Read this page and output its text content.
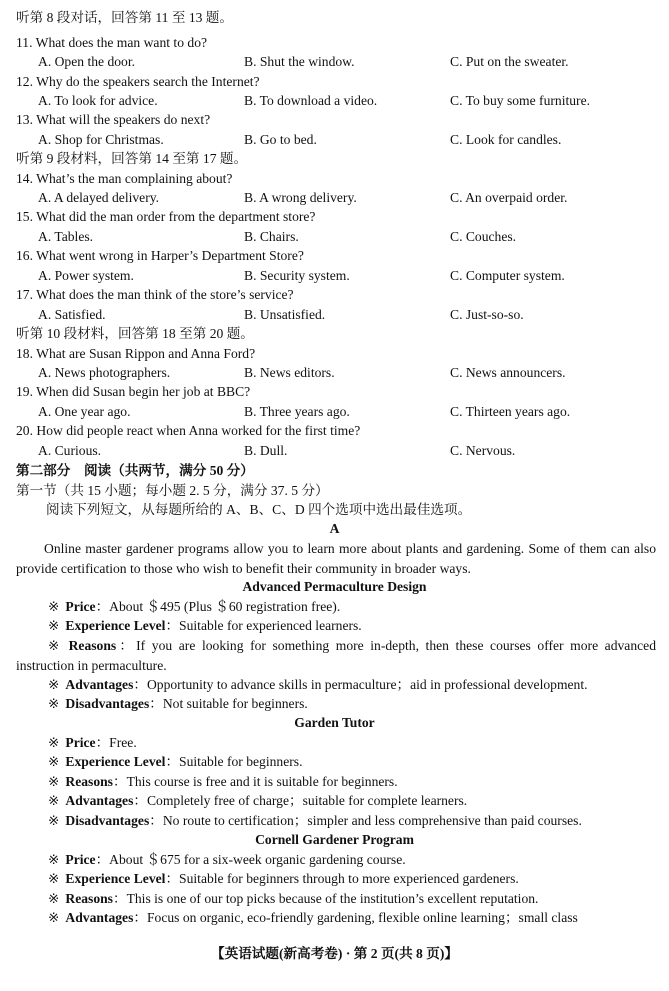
听第 8 段对话，回答第 11 至 13 题。
11. What does the man want to do?
A. Open the door.	B. Shut the window.	C. Put on the sweater.
12. Why do the speakers search the Internet?
A. To look for advice.	B. To download a video.	C. To buy some furniture.
13. What will the speakers do next?
A. Shop for Christmas.	B. Go to bed.	C. Look for candles.
听第 9 段材料，回答第 14 至第 17 题。
14. What’s the man complaining about?
A. A delayed delivery.	B. A wrong delivery.	C. An overpaid order.
15. What did the man order from the department store?
A. Tables.	B. Chairs.	C. Couches.
16. What went wrong in Harper’s Department Store?
A. Power system.	B. Security system.	C. Computer system.
17. What does the man think of the store’s service?
A. Satisfied.	B. Unsatisfied.	C. Just-so-so.
听第 10 段材料，回答第 18 至第 20 题。
18. What are Susan Rippon and Anna Ford?
A. News photographers.	B. News editors.	C. News announcers.
19. When did Susan begin her job at BBC?
A. One year ago.	B. Three years ago.	C. Thirteen years ago.
20. How did people react when Anna worked for the first time?
A. Curious.	B. Dull.	C. Nervous.
第二部分　阅读（共两节，满分 50 分）
第一节（共 15 小题；每小题 2. 5 分，满分 37. 5 分）
阅读下列短文，从每题所给的 A、B、C、D 四个选项中选出最佳选项。
A
Online master gardener programs allow you to learn more about plants and gardening. Some of them can also provide certification to those who wish to benefit their community in broader ways.
Advanced Permaculture Design
※ Price：About ＄495 (Plus ＄60 registration free).
※ Experience Level：Suitable for experienced learners.
※ Reasons：If you are looking for something more in-depth, then these courses offer more advanced instruction in permaculture.
※ Advantages：Opportunity to advance skills in permaculture；aid in professional development.
※ Disadvantages：Not suitable for beginners.
Garden Tutor
※ Price：Free.
※ Experience Level：Suitable for beginners.
※ Reasons：This course is free and it is suitable for beginners.
※ Advantages：Completely free of charge；suitable for complete learners.
※ Disadvantages：No route to certification；simpler and less comprehensive than paid courses.
Cornell Gardener Program
※ Price：About ＄675 for a six-week organic gardening course.
※ Experience Level：Suitable for beginners through to more experienced gardeners.
※ Reasons：This is one of our top picks because of the institution’s excellent reputation.
※ Advantages：Focus on organic, eco-friendly gardening, flexible online learning；small class
【英语试题(新高考卷) · 第 2 页(共 8 页)】
